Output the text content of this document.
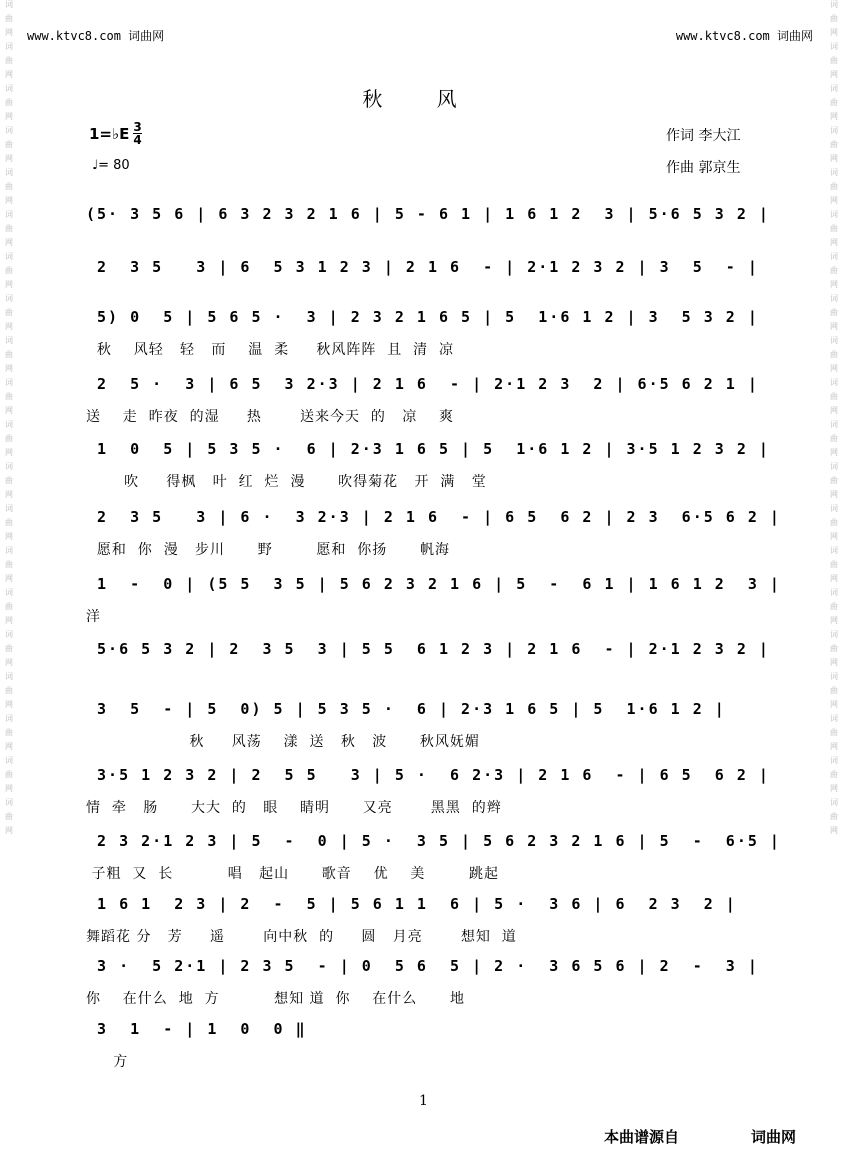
词
曲
网
词
曲
网
词
曲
网
词
曲
网
词
曲
网
词
曲
网
词
曲
网
词
曲
网
词
曲
网
词
曲
网
词
曲
网
词
曲
网
词
曲
网
词
曲
网
词
曲
网
词
曲
网
词
曲
网
词
曲
网
词
曲
网
词
曲
网
词
曲
网
词
曲
网
词
曲
网
词
曲
网
词
曲
网
词
曲
网
词
曲
网
词
曲
网
词
曲
网
词
曲
网
词
曲
网
词
曲
网
词
曲
网
词
曲
网
词
曲
网
词
曲
网
词
曲
网
词
曲
网
词
曲
网
词
曲
网
www.ktvc8.com 词曲网	www.ktvc8.com 词曲网
秋 风
1=♭E $\frac{3}{4}$
♩= 80
作词 李大江
作曲 郭京生
(5· 3 5 6 | 6 3 2 3 2 1 6 | 5 - 6 1 | 1 6 1 2  3 | 5·6 5 3 2 |
2  3 5   3 | 6  5 3 1 2 3 | 2 1 6  - | 2·1 2 3 2 | 3  5  - |
5) 0  5 | 5 6 5 ·  3 | 2 3 2 1 6 5 | 5  1·6 1 2 | 3  5 3 2 |
秋    风轻   轻   而    温  柔     秋风阵阵  且  清  凉
2  5 ·  3 | 6 5  3 2·3 | 2 1 6  - | 2·1 2 3  2 | 6·5 6 2 1 |
送    走  昨夜  的湿     热       送来今天  的   凉    爽
1  0  5 | 5 3 5 ·  6 | 2·3 1 6 5 | 5  1·6 1 2 | 3·5 1 2 3 2 |
吹     得枫   叶  红  烂  漫      吹得菊花   开  满   堂
2  3 5   3 | 6 ·  3 2·3 | 2 1 6  - | 6 5  6 2 | 2 3  6·5 6 2 |
愿和  你  漫   步川      野        愿和  你扬      帆海
1  -  0 | (5 5  3 5 | 5 6 2 3 2 1 6 | 5  -  6 1 | 1 6 1 2  3 |
洋
5·6 5 3 2 | 2  3 5  3 | 5 5  6 1 2 3 | 2 1 6  - | 2·1 2 3 2 |
3  5  - | 5  0) 5 | 5 3 5 ·  6 | 2·3 1 6 5 | 5  1·6 1 2 |
秋     风荡    漾  送   秋   波      秋风妩媚
3·5 1 2 3 2 | 2  5 5   3 | 5 ·  6 2·3 | 2 1 6  - | 6 5  6 2 |
情  牵   肠      大大  的   眼    睛明      又亮       黑黑  的辫
2 3 2·1 2 3 | 5  -  0 | 5 ·  3 5 | 5 6 2 3 2 1 6 | 5  -  6·5 |
子粗  又  长          唱   起山      歌音    优    美        跳起
1 6 1  2 3 | 2  -  5 | 5 6 1 1  6 | 5 ·  3 6 | 6  2 3  2 |
舞蹈花 分   芳     遥       向中秋  的     圆   月亮       想知  道
3 ·  5 2·1 | 2 3 5  - | 0  5 6  5 | 2 ·  3 6 5 6 | 2  -  3 |
你    在什么  地  方          想知 道  你    在什么      地
3  1  - | 1  0  0 ‖
方
1
本曲谱源自	词曲网
